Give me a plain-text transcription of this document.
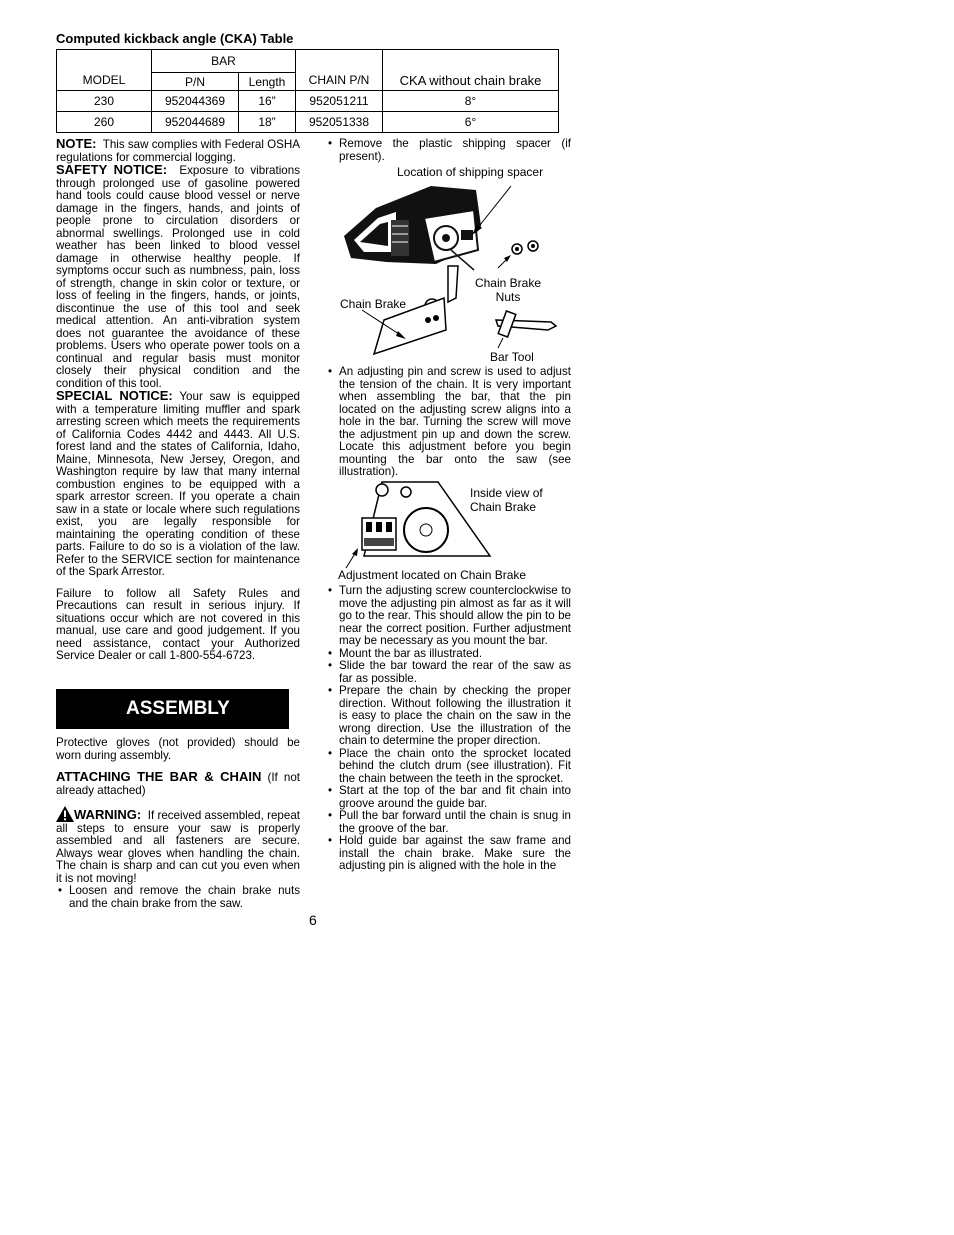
Computed kickback angle (CKA) Table
MODEL	BAR		CHAIN P/N	CKA without chain brake
	P/N	Length		
230	952044369	16”	952051211	8°
260	952044689	18”	952051338	6°

NOTE: This saw complies with Federal OSHA regulations for commercial logging.

SAFETY NOTICE: Exposure to vibrations through prolonged use of gasoline powered hand tools could cause blood vessel or nerve damage in the fingers, hands, and joints of people prone to circulation disorders or abnormal swellings. Prolonged use in cold weather has been linked to blood vessel damage in otherwise healthy people. If symptoms occur such as numbness, pain, loss of strength, change in skin color or texture, or loss of feeling in the fingers, hands, or joints, discontinue the use of this tool and seek medical attention. An anti-vibration system does not guarantee the avoidance of these problems. Users who operate power tools on a continual and regular basis must monitor closely their physical condition and the condition of this tool.

SPECIAL NOTICE: Your saw is equipped with a temperature limiting muffler and spark arresting screen which meets the requirements of California Codes 4442 and 4443. All U.S. forest land and the states of California, Idaho, Maine, Minnesota, New Jersey, Oregon, and Washington require by law that many internal combustion engines to be equipped with a spark arrestor screen. If you operate a chain saw in a state or locale where such regulations exist, you are legally responsible for maintaining the operating condition of these parts. Failure to do so is a violation of the law. Refer to the SERVICE section for maintenance of the Spark Arrestor.

Failure to follow all Safety Rules and Precautions can result in serious injury. If situations occur which are not covered in this manual, use care and good judgement. If you need assistance, contact your Authorized Service Dealer or call 1-800-554-6723.

ASSEMBLY

Protective gloves (not provided) should be worn during assembly.

ATTACHING THE BAR & CHAIN (If not already attached)

WARNING: If received assembled, repeat all steps to ensure your saw is properly assembled and all fasteners are secure. Always wear gloves when handling the chain. The chain is sharp and can cut you even when it is not moving!

• Loosen and remove the chain brake nuts and the chain brake from the saw.
• Remove the plastic shipping spacer (if present).
Location of shipping spacer
Chain Brake Nuts
Chain Brake
Bar Tool
• An adjusting pin and screw is used to adjust the tension of the chain. It is very important when assembling the bar, that the pin located on the adjusting screw aligns into a hole in the bar. Turning the screw will move the adjustment pin up and down the screw. Locate this adjustment before you begin mounting the bar onto the saw (see illustration).
Inside view of Chain Brake
Adjustment located on Chain Brake
• Turn the adjusting screw counterclockwise to move the adjusting pin almost as far as it will go to the rear. This should allow the pin to be near the correct position. Further adjustment may be necessary as you mount the bar.
• Mount the bar as illustrated.
• Slide the bar toward the rear of the saw as far as possible.
• Prepare the chain by checking the proper direction. Without following the illustration it is easy to place the chain on the saw in the wrong direction. Use the illustration of the chain to determine the proper direction.
• Place the chain onto the sprocket located behind the clutch drum (see illustration). Fit the chain between the teeth in the sprocket.
• Start at the top of the bar and fit chain into groove around the guide bar.
• Pull the bar forward until the chain is snug in the groove of the bar.
• Hold guide bar against the saw frame and install the chain brake. Make sure the adjusting pin is aligned with the hole in the
6
